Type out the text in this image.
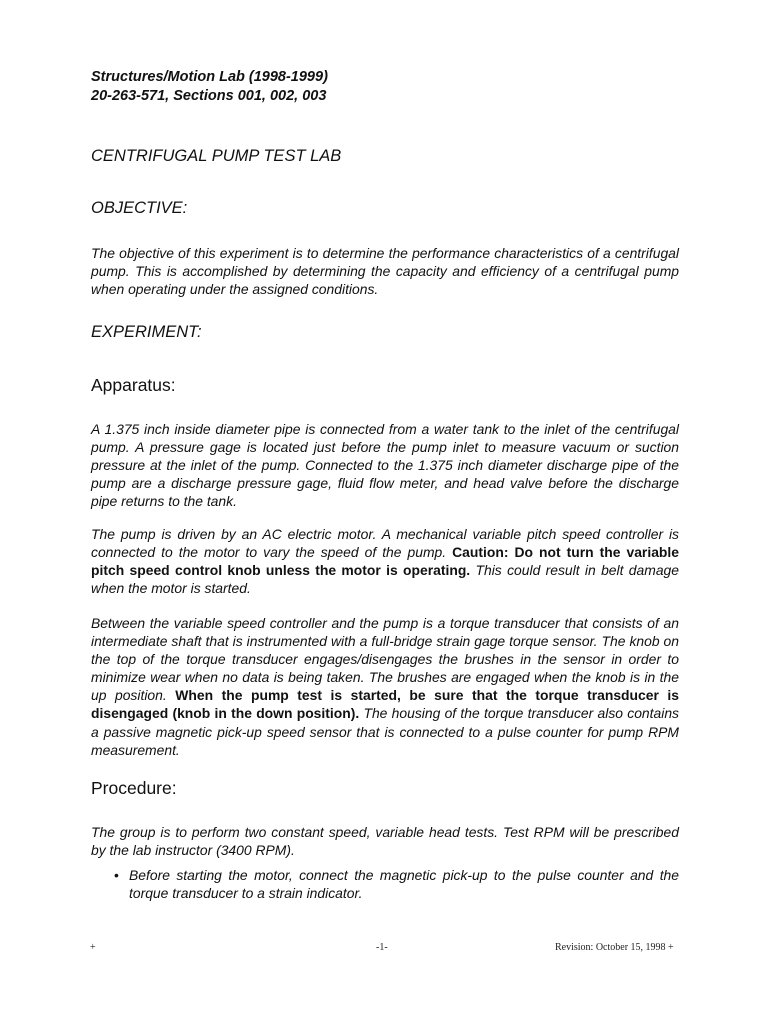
Structures/Motion Lab (1998-1999)
20-263-571, Sections 001, 002, 003
CENTRIFUGAL PUMP TEST LAB
OBJECTIVE:

The objective of this experiment is to determine the performance characteristics of a centrifugal pump. This is accomplished by determining the capacity and efficiency of a centrifugal pump when operating under the assigned conditions.

EXPERIMENT:
Apparatus:

A 1.375 inch inside diameter pipe is connected from a water tank to the inlet of the centrifugal pump. A pressure gage is located just before the pump inlet to measure vacuum or suction pressure at the inlet of the pump. Connected to the 1.375 inch diameter discharge pipe of the pump are a discharge pressure gage, fluid flow meter, and head valve before the discharge pipe returns to the tank.

The pump is driven by an AC electric motor. A mechanical variable pitch speed controller is connected to the motor to vary the speed of the pump. Caution: Do not turn the variable pitch speed control knob unless the motor is operating. This could result in belt damage when the motor is started.

Between the variable speed controller and the pump is a torque transducer that consists of an intermediate shaft that is instrumented with a full-bridge strain gage torque sensor. The knob on the top of the torque transducer engages/disengages the brushes in the sensor in order to minimize wear when no data is being taken. The brushes are engaged when the knob is in the up position. When the pump test is started, be sure that the torque transducer is disengaged (knob in the down position). The housing of the torque transducer also contains a passive magnetic pick-up speed sensor that is connected to a pulse counter for pump RPM measurement.

Procedure:

The group is to perform two constant speed, variable head tests. Test RPM will be prescribed by the lab instructor (3400 RPM).

• Before starting the motor, connect the magnetic pick-up to the pulse counter and the torque transducer to a strain indicator.

+	-1-	Revision: October 15, 1998 +
